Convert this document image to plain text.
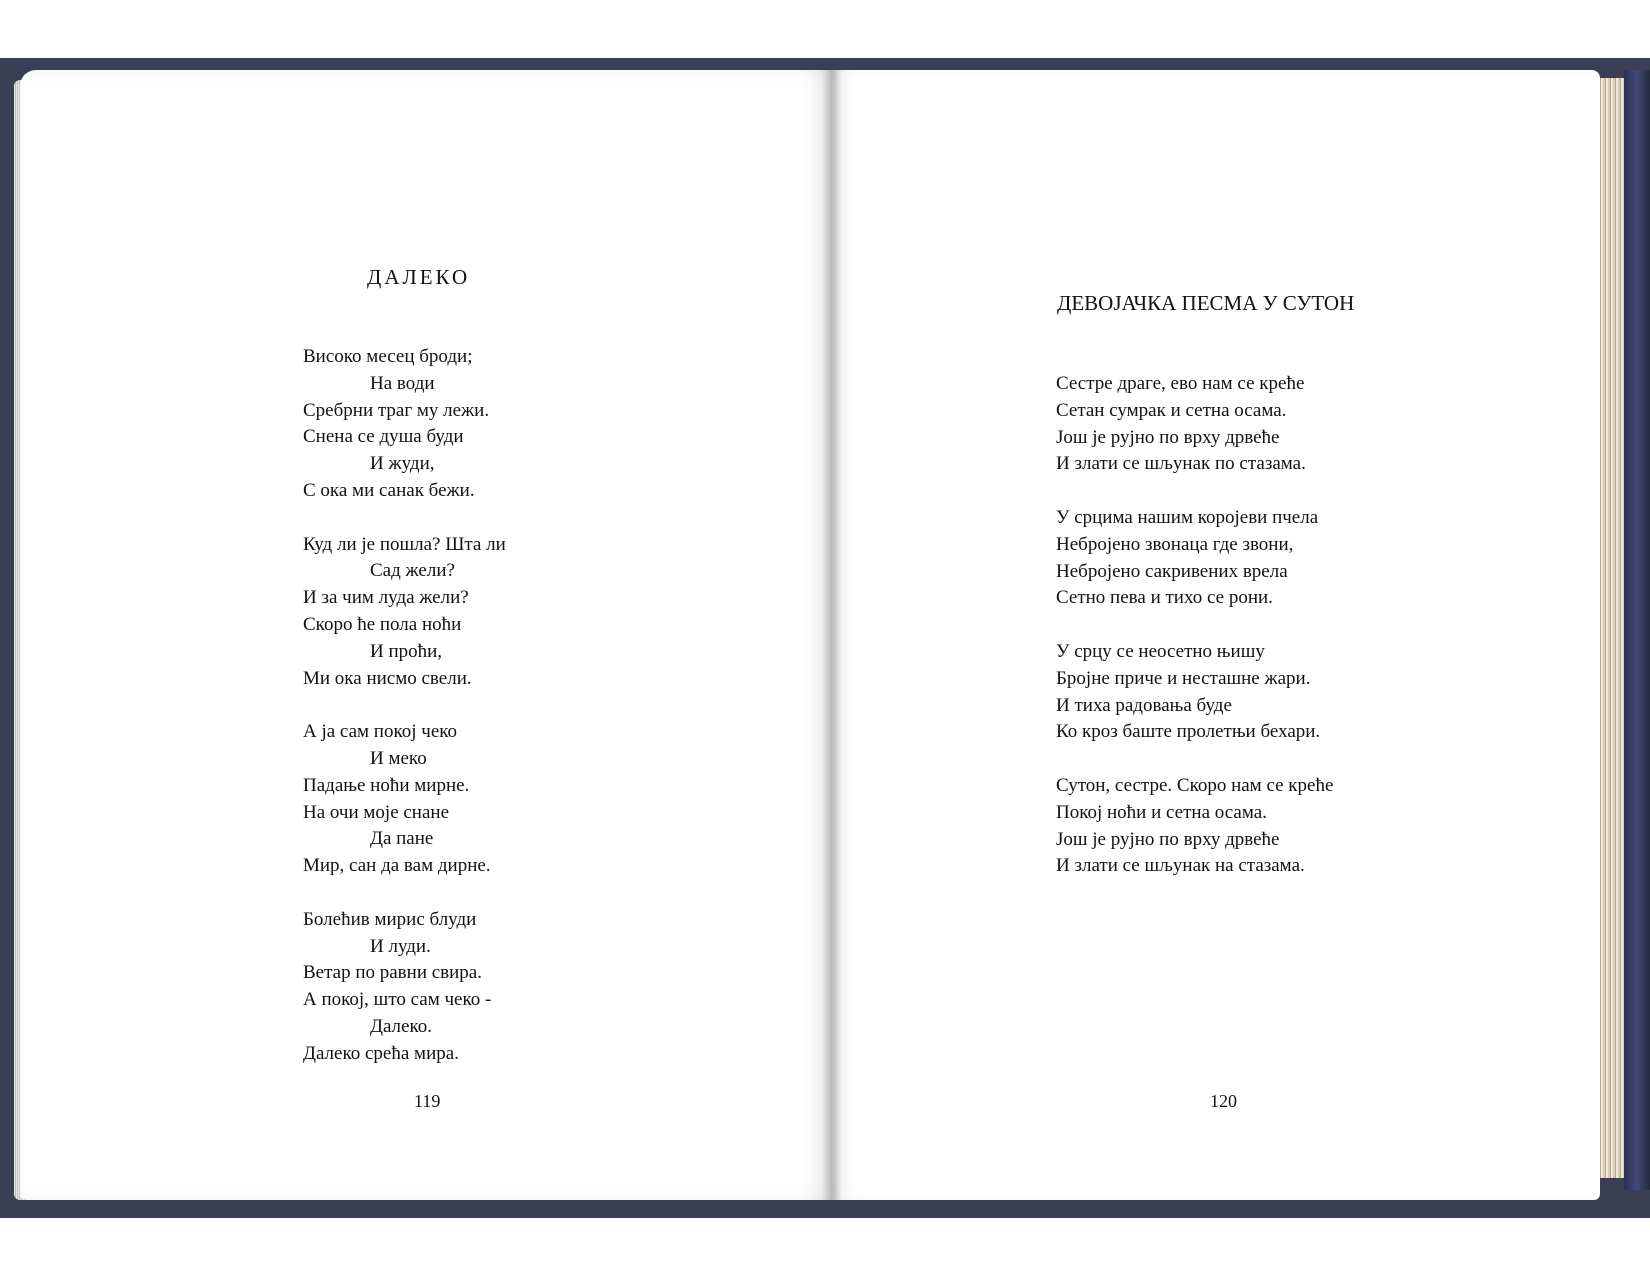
ДАЛЕКО
Високо месец броди;
На води
Сребрни траг му лежи.
Снена се душа буди
И жуди,
С ока ми санак бежи.
Куд ли је пошла? Шта ли
Сад жели?
И за чим луда жели?
Скоро ће пола ноћи
И проћи,
Ми ока нисмо свели.
А ја сам покој чеко
И меко
Падање ноћи мирне.
На очи моје снане
Да пане
Мир, сан да вам дирне.
Болећив мирис блуди
И луди.
Ветар по равни свира.
А покој, што сам чеко -
Далеко.
Далеко срећа мира.
119
ДЕВОЈАЧКА ПЕСМА У СУТОН
Сестре драге, ево нам се креће
Сетан сумрак и сетна осама.
Још је рујно по врху дрвеће
И злати се шљунак по стазама.
У срцима нашим коројеви пчела
Небројено звонаца где звони,
Небројено сакривених врела
Сетно пева и тихо се рони.
У срцу се неосетно њишу
Бројне приче и несташне жари.
И тиха радовања буде
Ко кроз баште пролетњи бехари.
Сутон, сестре. Скоро нам се креће
Покој ноћи и сетна осама.
Још је рујно по врху дрвеће
И злати се шљунак на стазама.
120
